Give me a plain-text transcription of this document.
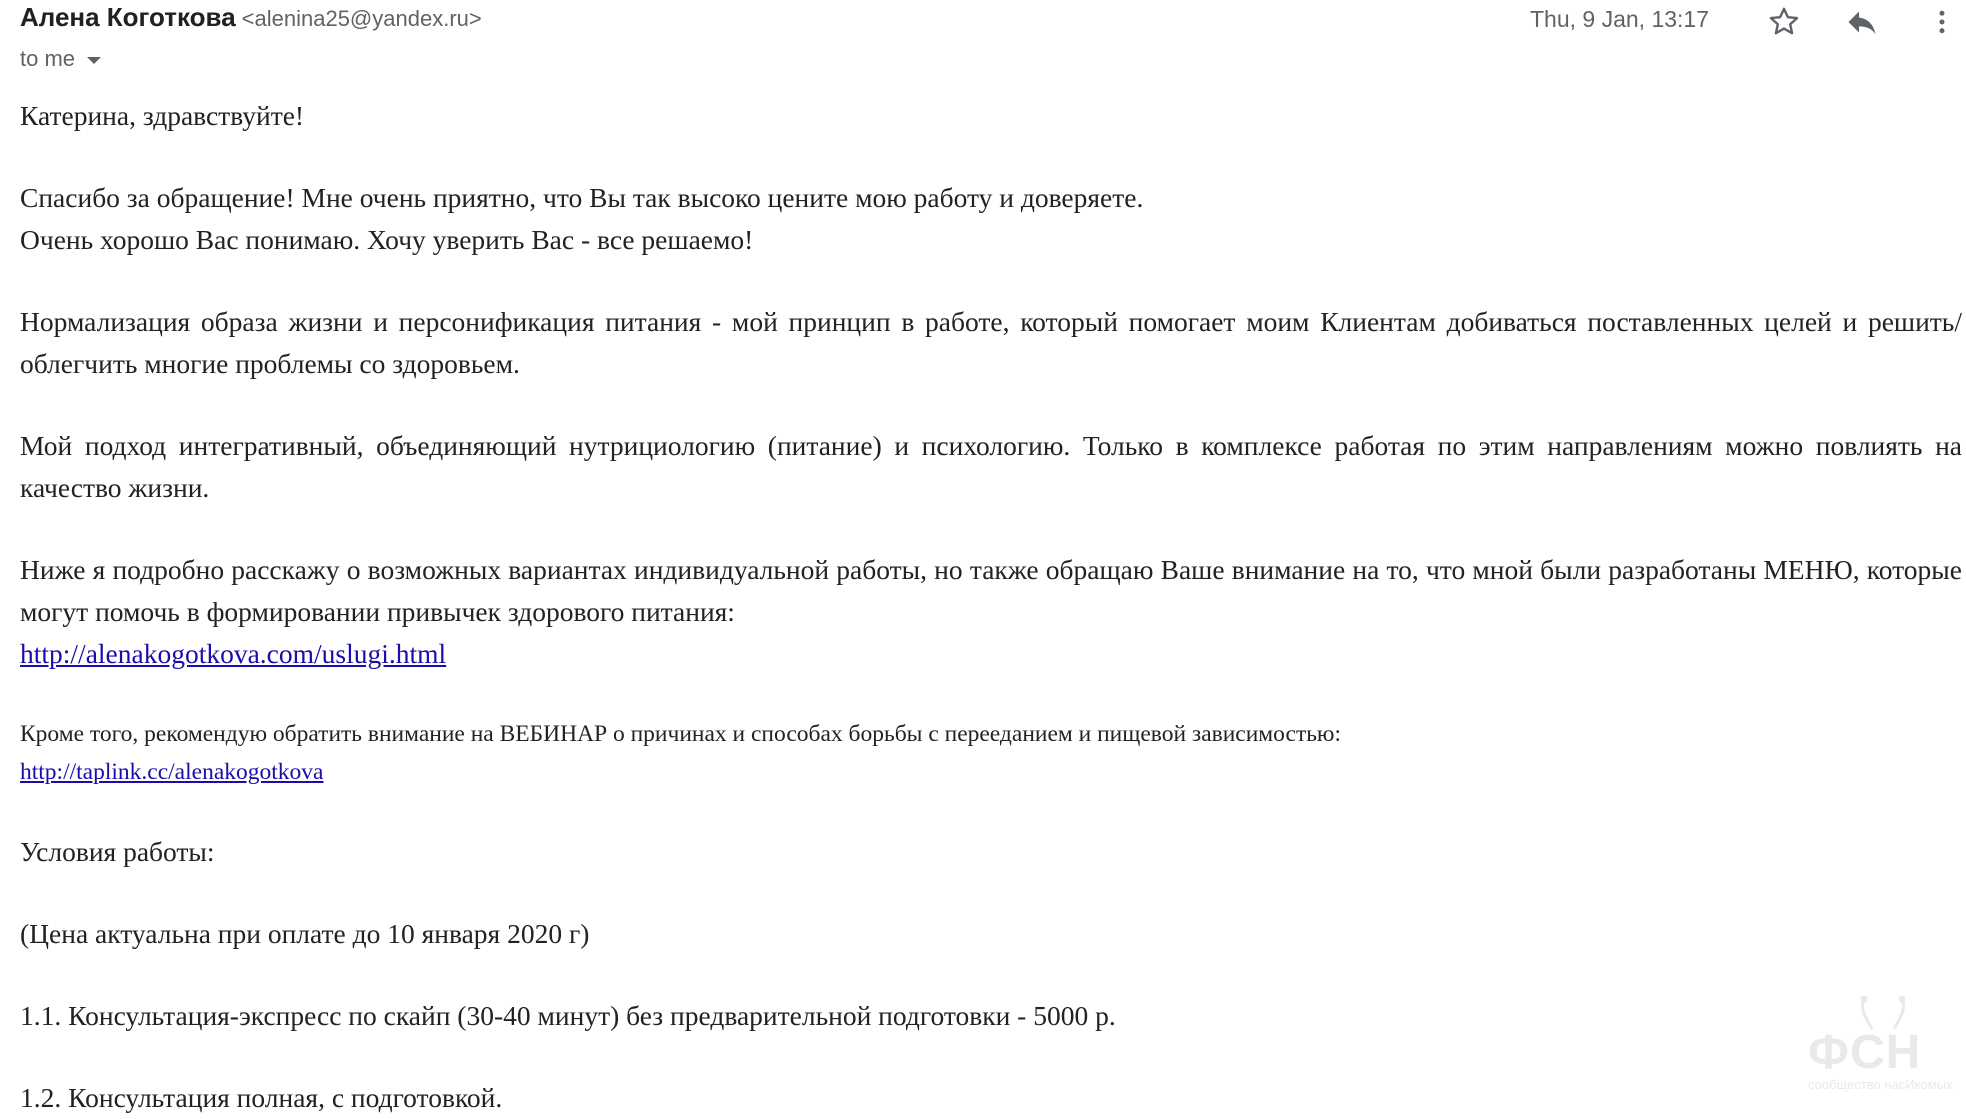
Алена Коготкова <alenina25@yandex.ru>
to me
Thu, 9 Jan, 13:17

Катерина, здравствуйте!

Спасибо за обращение! Мне очень приятно, что Вы так высоко цените мою работу и доверяете.

Очень хорошо Вас понимаю. Хочу уверить Вас - все решаемо!

Нормализация образа жизни и персонификация питания - мой принцип в работе, который помогает моим Клиентам добиваться поставленных целей и решить/облегчить многие проблемы со здоровьем.

Мой подход интегративный, объединяющий нутрициологию (питание) и психологию. Только в комплексе работая по этим направлениям можно повлиять на качество жизни.

Ниже я подробно расскажу о возможных вариантах индивидуальной работы, но также обращаю Ваше внимание на то, что мной были разработаны МЕНЮ, которые могут помочь в формировании привычек здорового питания:

http://alenakogotkova.com/uslugi.html

Кроме того, рекомендую обратить внимание на ВЕБИНАР о причинах и способах борьбы с перееданием и пищевой зависимостью:

http://taplink.cc/alenakogotkova

Условия работы:

(Цена актуальна при оплате до 10 января 2020 г)

1.1. Консультация-экспресс по скайп (30-40 минут) без предварительной подготовки - 5000 р.

1.2. Консультация полная, с подготовкой.

ФСН
сообщество насИкомых
